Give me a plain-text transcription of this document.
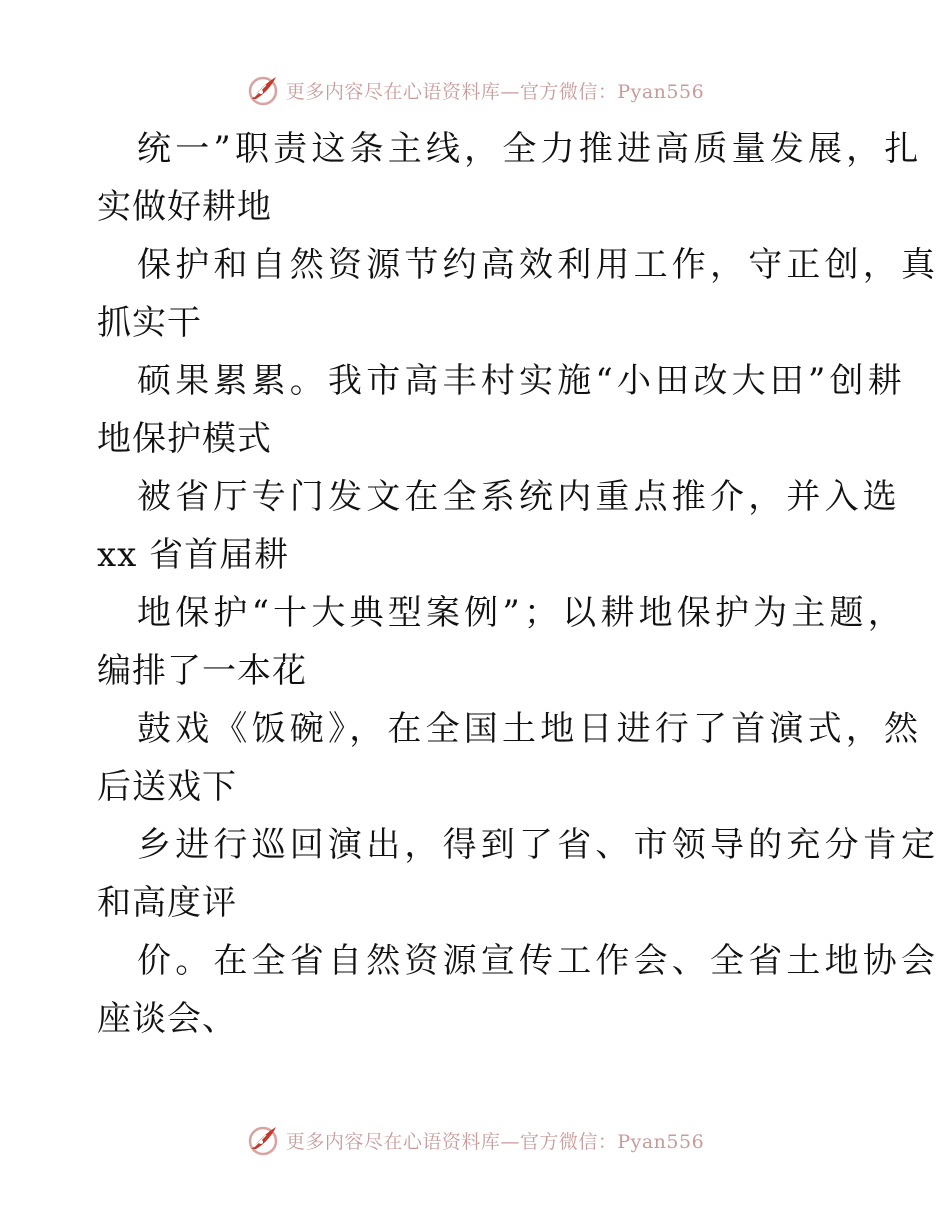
更多内容尽在心语资料库—官方微信：Pyan556
统一”职责这条主线，全力推进高质量发展，扎
实做好耕地
保护和自然资源节约高效利用工作，守正创，真
抓实干
硕果累累。我市高丰村实施“小田改大田”创耕
地保护模式
被省厅专门发文在全系统内重点推介，并入选
xx 省首届耕
地保护“十大典型案例”；以耕地保护为主题，
编排了一本花
鼓戏《饭碗》，在全国土地日进行了首演式，然
后送戏下
乡进行巡回演出，得到了省、市领导的充分肯定
和高度评
价。在全省自然资源宣传工作会、全省土地协会
座谈会、
更多内容尽在心语资料库—官方微信：Pyan556
